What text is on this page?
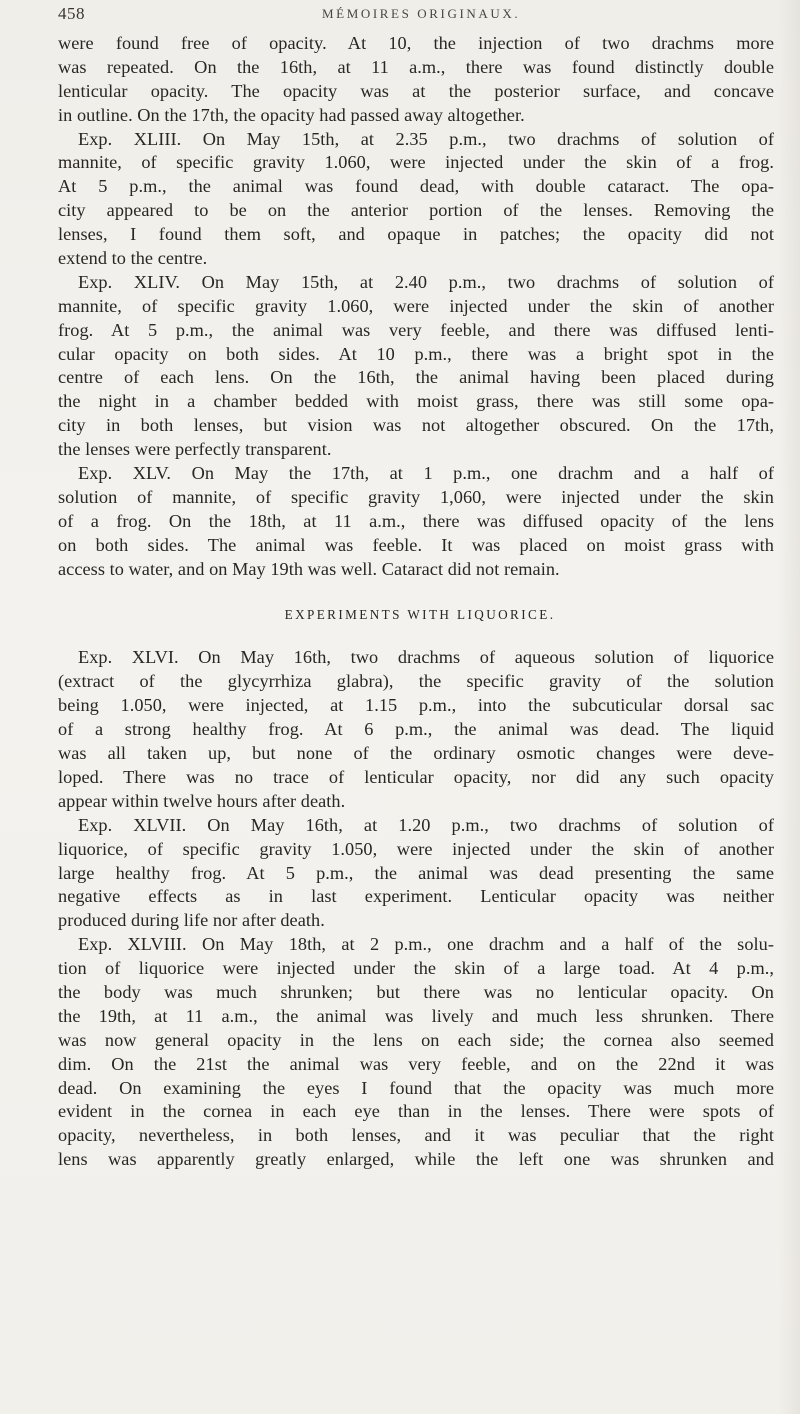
458	MÉMOIRES ORIGINAUX.
were found free of opacity. At 10, the injection of two drachms more
was repeated. On the 16th, at 11 a.m., there was found distinctly double
lenticular opacity. The opacity was at the posterior surface, and concave
in outline. On the 17th, the opacity had passed away altogether.
Exp. XLIII. On May 15th, at 2.35 p.m., two drachms of solution of
mannite, of specific gravity 1.060, were injected under the skin of a frog.
At 5 p.m., the animal was found dead, with double cataract. The opa-
city appeared to be on the anterior portion of the lenses. Removing the
lenses, I found them soft, and opaque in patches; the opacity did not
extend to the centre.
Exp. XLIV. On May 15th, at 2.40 p.m., two drachms of solution of
mannite, of specific gravity 1.060, were injected under the skin of another
frog. At 5 p.m., the animal was very feeble, and there was diffused lenti-
cular opacity on both sides. At 10 p.m., there was a bright spot in the
centre of each lens. On the 16th, the animal having been placed during
the night in a chamber bedded with moist grass, there was still some opa-
city in both lenses, but vision was not altogether obscured. On the 17th,
the lenses were perfectly transparent.
Exp. XLV. On May the 17th, at 1 p.m., one drachm and a half of
solution of mannite, of specific gravity 1,060, were injected under the skin
of a frog. On the 18th, at 11 a.m., there was diffused opacity of the lens
on both sides. The animal was feeble. It was placed on moist grass with
access to water, and on May 19th was well. Cataract did not remain.
EXPERIMENTS WITH LIQUORICE.
Exp. XLVI. On May 16th, two drachms of aqueous solution of liquorice
(extract of the glycyrrhiza glabra), the specific gravity of the solution
being 1.050, were injected, at 1.15 p.m., into the subcuticular dorsal sac
of a strong healthy frog. At 6 p.m., the animal was dead. The liquid
was all taken up, but none of the ordinary osmotic changes were deve-
loped. There was no trace of lenticular opacity, nor did any such opacity
appear within twelve hours after death.
Exp. XLVII. On May 16th, at 1.20 p.m., two drachms of solution of
liquorice, of specific gravity 1.050, were injected under the skin of another
large healthy frog. At 5 p.m., the animal was dead presenting the same
negative effects as in last experiment. Lenticular opacity was neither
produced during life nor after death.
Exp. XLVIII. On May 18th, at 2 p.m., one drachm and a half of the solu-
tion of liquorice were injected under the skin of a large toad. At 4 p.m.,
the body was much shrunken; but there was no lenticular opacity. On
the 19th, at 11 a.m., the animal was lively and much less shrunken. There
was now general opacity in the lens on each side; the cornea also seemed
dim. On the 21st the animal was very feeble, and on the 22nd it was
dead. On examining the eyes I found that the opacity was much more
evident in the cornea in each eye than in the lenses. There were spots of
opacity, nevertheless, in both lenses, and it was peculiar that the right
lens was apparently greatly enlarged, while the left one was shrunken and
